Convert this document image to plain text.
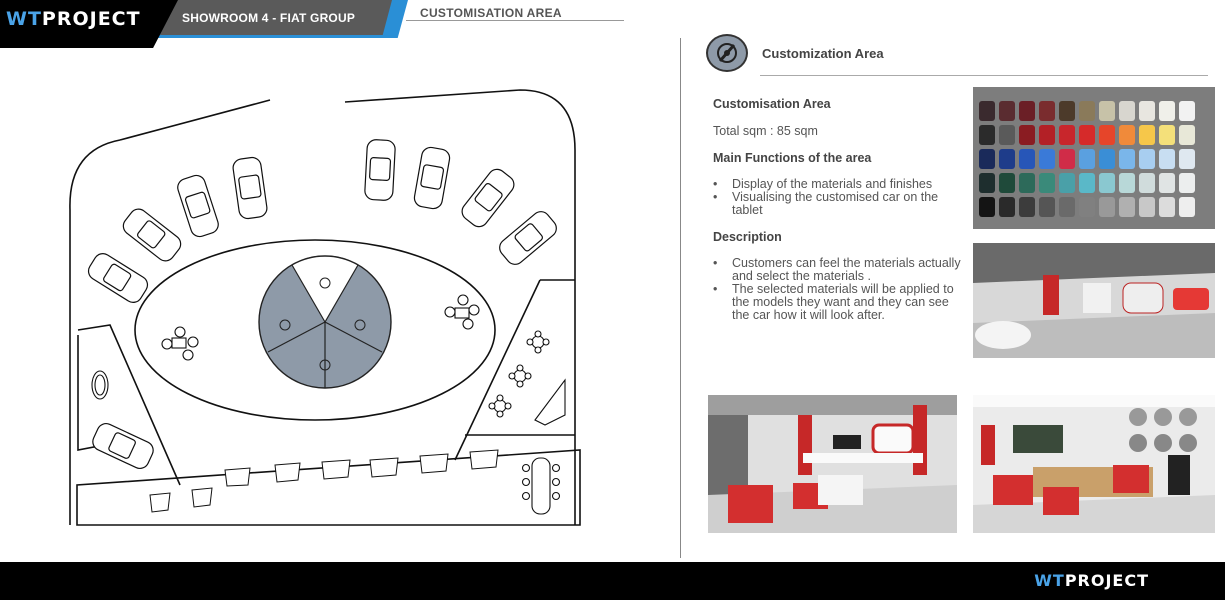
WTPROJECT	SHOWROOM 4 - FIAT GROUP	CUSTOMISATION AREA
Customization Area
Customisation Area

Total sqm : 85 sqm

Main Functions of the area
• Display of the materials and finishes
• Visualising the customised car on the tablet
Description
• Customers can feel the materials actually and select the materials .
• The selected materials will be applied to the models they want and they can see the car how it will look after.
WTPROJECT
